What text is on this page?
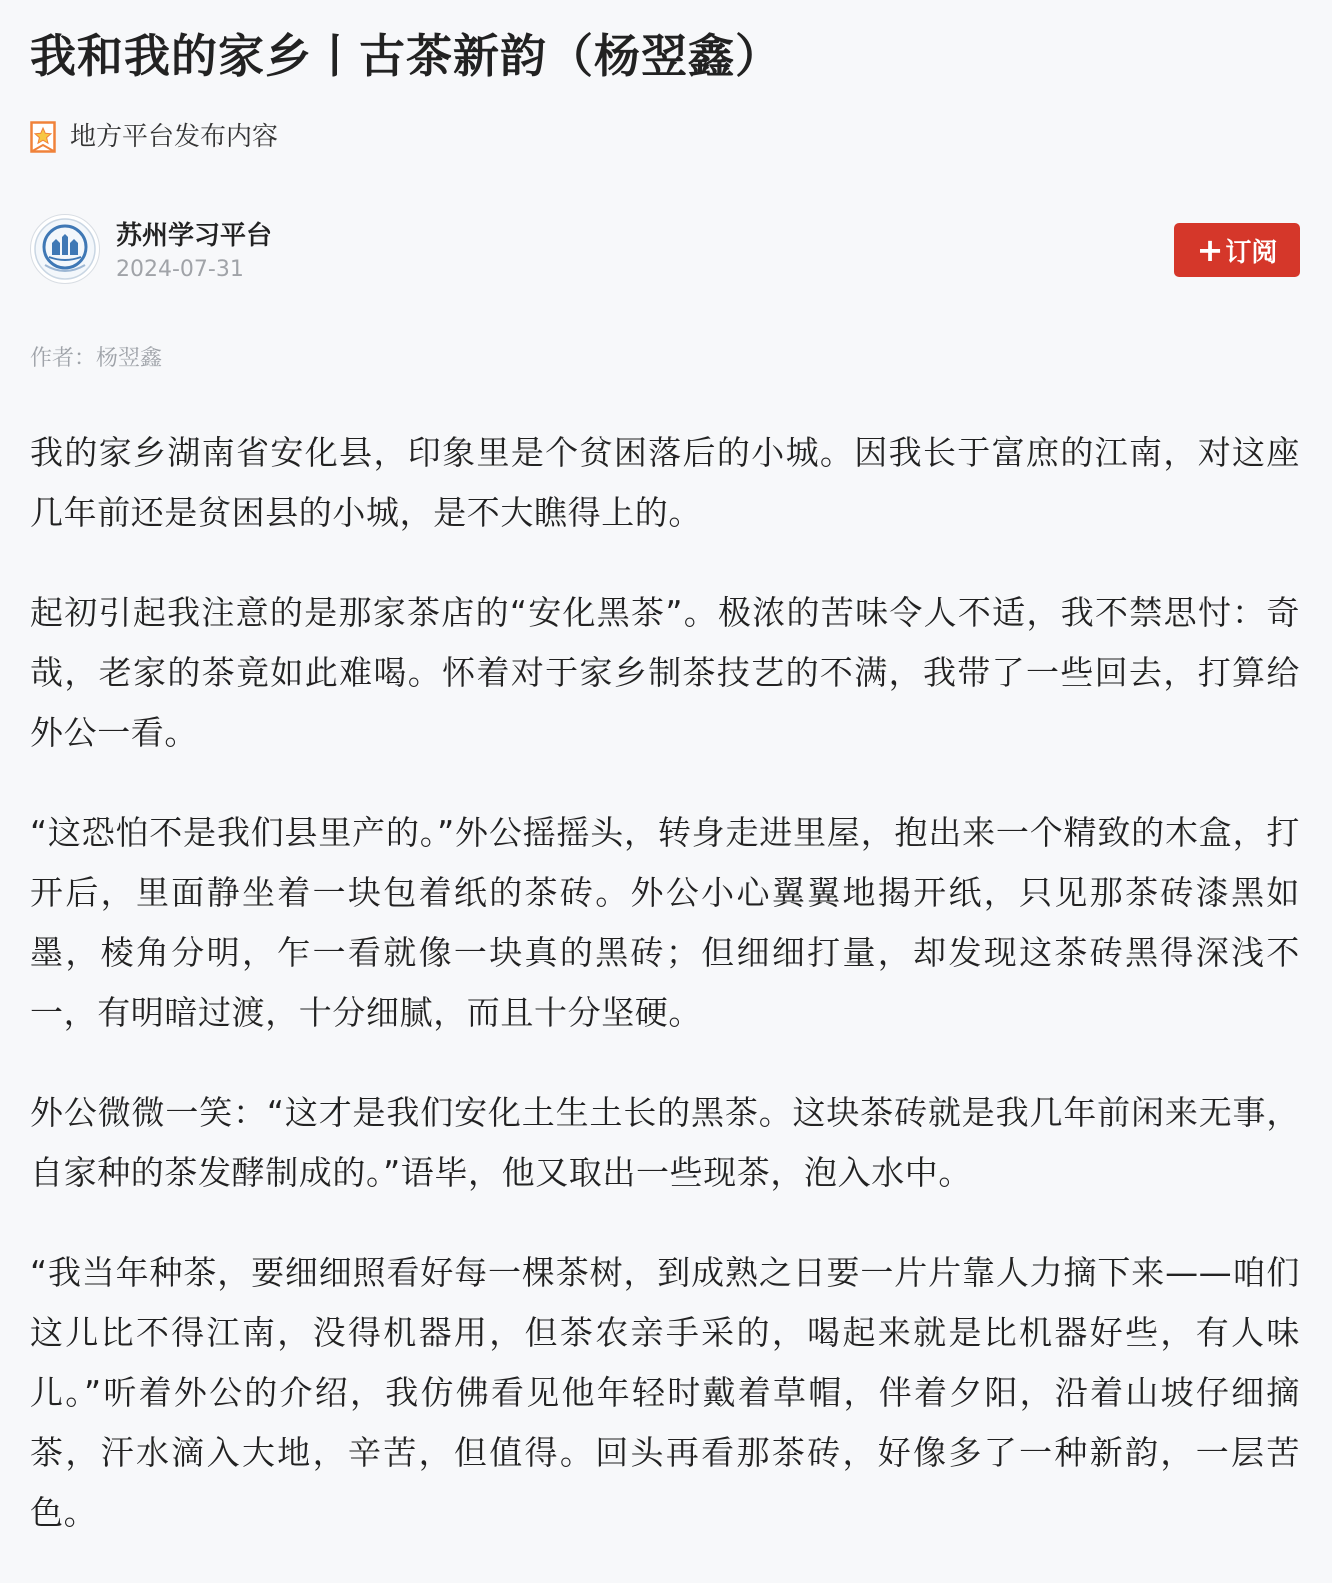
我和我的家乡丨古茶新韵（杨翌鑫）
地方平台发布内容
苏州学习平台
2024-07-31
+ 订阅
作者：杨翌鑫

我的家乡湖南省安化县，印象里是个贫困落后的小城。因我长于富庶的江南，对这座几年前还是贫困县的小城，是不大瞧得上的。

起初引起我注意的是那家茶店的“安化黑茶”。极浓的苦味令人不适，我不禁思忖：奇哉，老家的茶竟如此难喝。怀着对于家乡制茶技艺的不满，我带了一些回去，打算给外公一看。

“这恐怕不是我们县里产的。”外公摇摇头，转身走进里屋，抱出来一个精致的木盒，打开后，里面静坐着一块包着纸的茶砖。外公小心翼翼地揭开纸，只见那茶砖漆黑如墨，棱角分明，乍一看就像一块真的黑砖；但细细打量，却发现这茶砖黑得深浅不一，有明暗过渡，十分细腻，而且十分坚硬。

外公微微一笑：“这才是我们安化土生土长的黑茶。这块茶砖就是我几年前闲来无事，自家种的茶发酵制成的。”语毕，他又取出一些现茶，泡入水中。

“我当年种茶，要细细照看好每一棵茶树，到成熟之日要一片片靠人力摘下来——咱们这儿比不得江南，没得机器用，但茶农亲手采的，喝起来就是比机器好些，有人味儿。”听着外公的介绍，我仿佛看见他年轻时戴着草帽，伴着夕阳，沿着山坡仔细摘茶，汗水滴入大地，辛苦，但值得。回头再看那茶砖，好像多了一种新韵，一层苦色。
